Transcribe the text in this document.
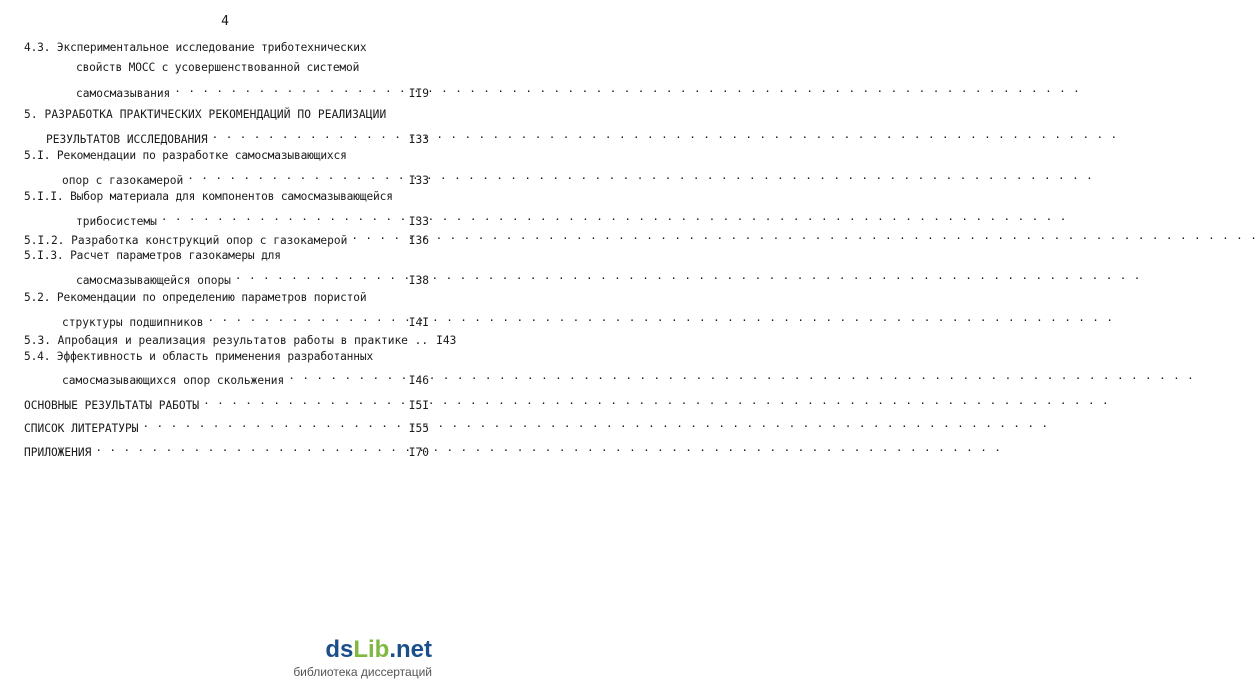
4
4.3. Экспериментальное исследование триботехнических
свойств МОСС с усовершенствованной системой
самосмазывания . . .	II9
5. РАЗРАБОТКА ПРАКТИЧЕСКИХ РЕКОМЕНДАЦИЙ ПО РЕАЛИЗАЦИИ
РЕЗУЛЬТАТОВ ИССЛЕДОВАНИЯ . . .	I33
5.I. Рекомендации по разработке самосмазывающихся
опор с газокамерой . . .	I33
5.I.I. Выбор материала для компонентов самосмазывающейся
трибосистемы . . .	I33
5.I.2. Разработка конструкций опор с газокамерой . . .	I36
5.I.3. Расчет параметров газокамеры для
самосмазывающейся опоры . . .	I38
5.2. Рекомендации по определению параметров пористой
структуры подшипников . . .	I4I
5.3. Апробация и реализация результатов работы в практике .. I43
5.4. Эффективность и область применения разработанных
самосмазывающихся опор скольжения . . .	I46
ОСНОВНЫЕ РЕЗУЛЬТАТЫ РАБОТЫ . . .	I5I
СПИСОК ЛИТЕРАТУРЫ . . .	I55
ПРИЛОЖЕНИЯ . . .	I70
dsLib.net
библиотека диссертаций
